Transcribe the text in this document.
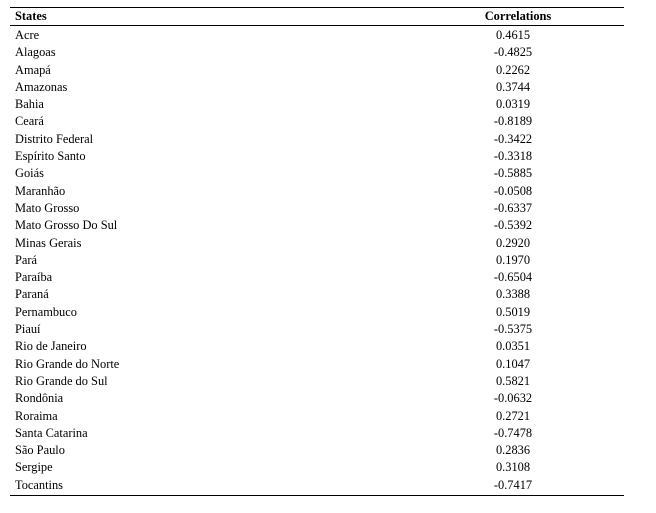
States	Correlations
Acre	0.4615
Alagoas	-0.4825
Amapá	0.2262
Amazonas	0.3744
Bahia	0.0319
Ceará	-0.8189
Distrito Federal	-0.3422
Espírito Santo	-0.3318
Goiás	-0.5885
Maranhão	-0.0508
Mato Grosso	-0.6337
Mato Grosso Do Sul	-0.5392
Minas Gerais	0.2920
Pará	0.1970
Paraíba	-0.6504
Paraná	0.3388
Pernambuco	0.5019
Piauí	-0.5375
Rio de Janeiro	0.0351
Rio Grande do Norte	0.1047
Rio Grande do Sul	0.5821
Rondônia	-0.0632
Roraima	0.2721
Santa Catarina	-0.7478
São Paulo	0.2836
Sergipe	0.3108
Tocantins	-0.7417
